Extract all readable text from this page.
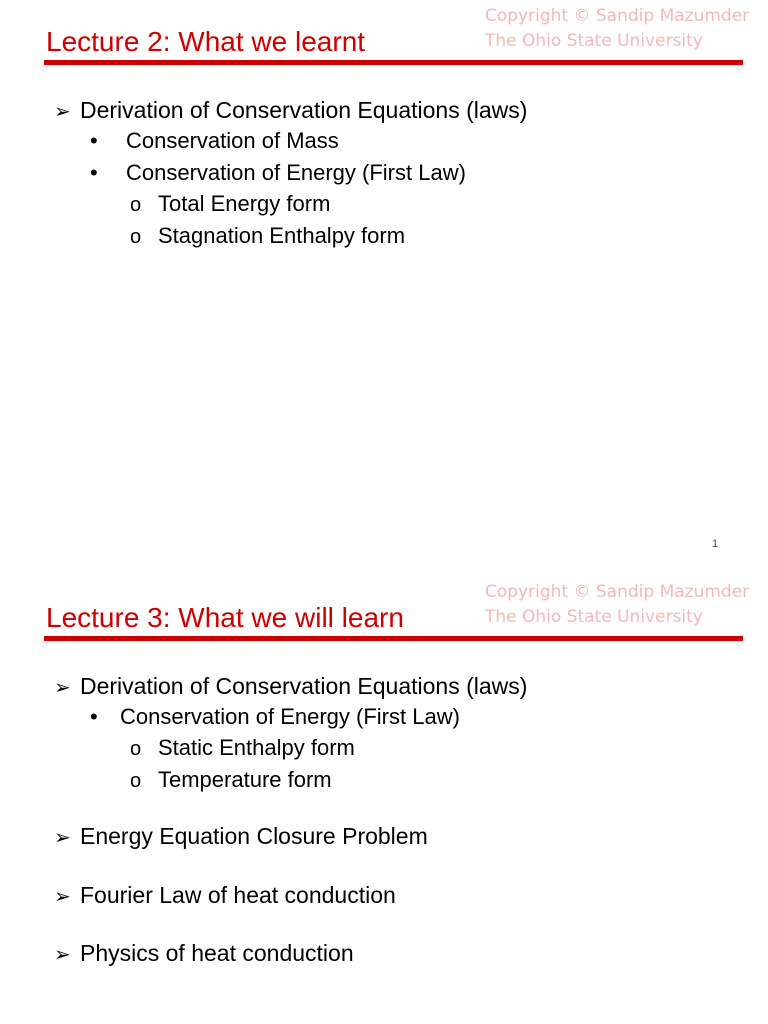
Copyright © Sandip Mazumder
The Ohio State University
Lecture 2: What we learnt
➢ Derivation of Conservation Equations (laws)
• Conservation of Mass
• Conservation of Energy (First Law)
o Total Energy form
o Stagnation Enthalpy form
1
Copyright © Sandip Mazumder
The Ohio State University
Lecture 3: What we will learn
➢ Derivation of Conservation Equations (laws)
• Conservation of Energy (First Law)
o Static Enthalpy form
o Temperature form
➢ Energy Equation Closure Problem
➢ Fourier Law of heat conduction
➢ Physics of heat conduction
